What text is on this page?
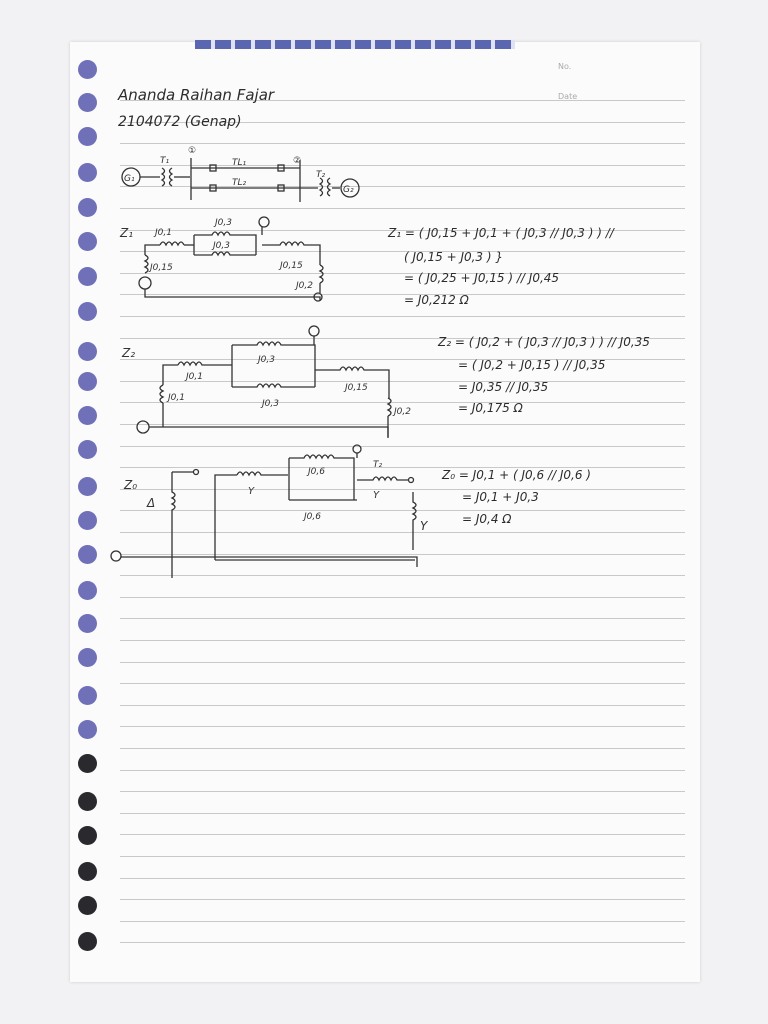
No.
Date
Ananda Raihan Fajar
2104072 (Genap)
G₁
T₁
①
TL₁
TL₂
②
T₂
G₂
Z₁ J0,1
J0,3
J0,3
J0,15
J0,2
J0,15
Z₂
J0,1
J0,3
J0,3
J0,15
J0,2
J0,1
Z₀
Δ
Y
J0,6
J0,6
T₂
Y
Y
Z₁ = ( J0,15 + J0,1 + ( J0,3 // J0,3 ) ) //
( J0,15 + J0,3 ) }
= ( J0,25 + J0,15 ) // J0,45
= J0,212 Ω
Z₂ = ( J0,2 + ( J0,3 // J0,3 ) ) // J0,35
= ( J0,2 + J0,15 ) // J0,35
= J0,35 // J0,35
= J0,175 Ω
Z₀ = J0,1 + ( J0,6 // J0,6 )
= J0,1 + J0,3
= J0,4 Ω
